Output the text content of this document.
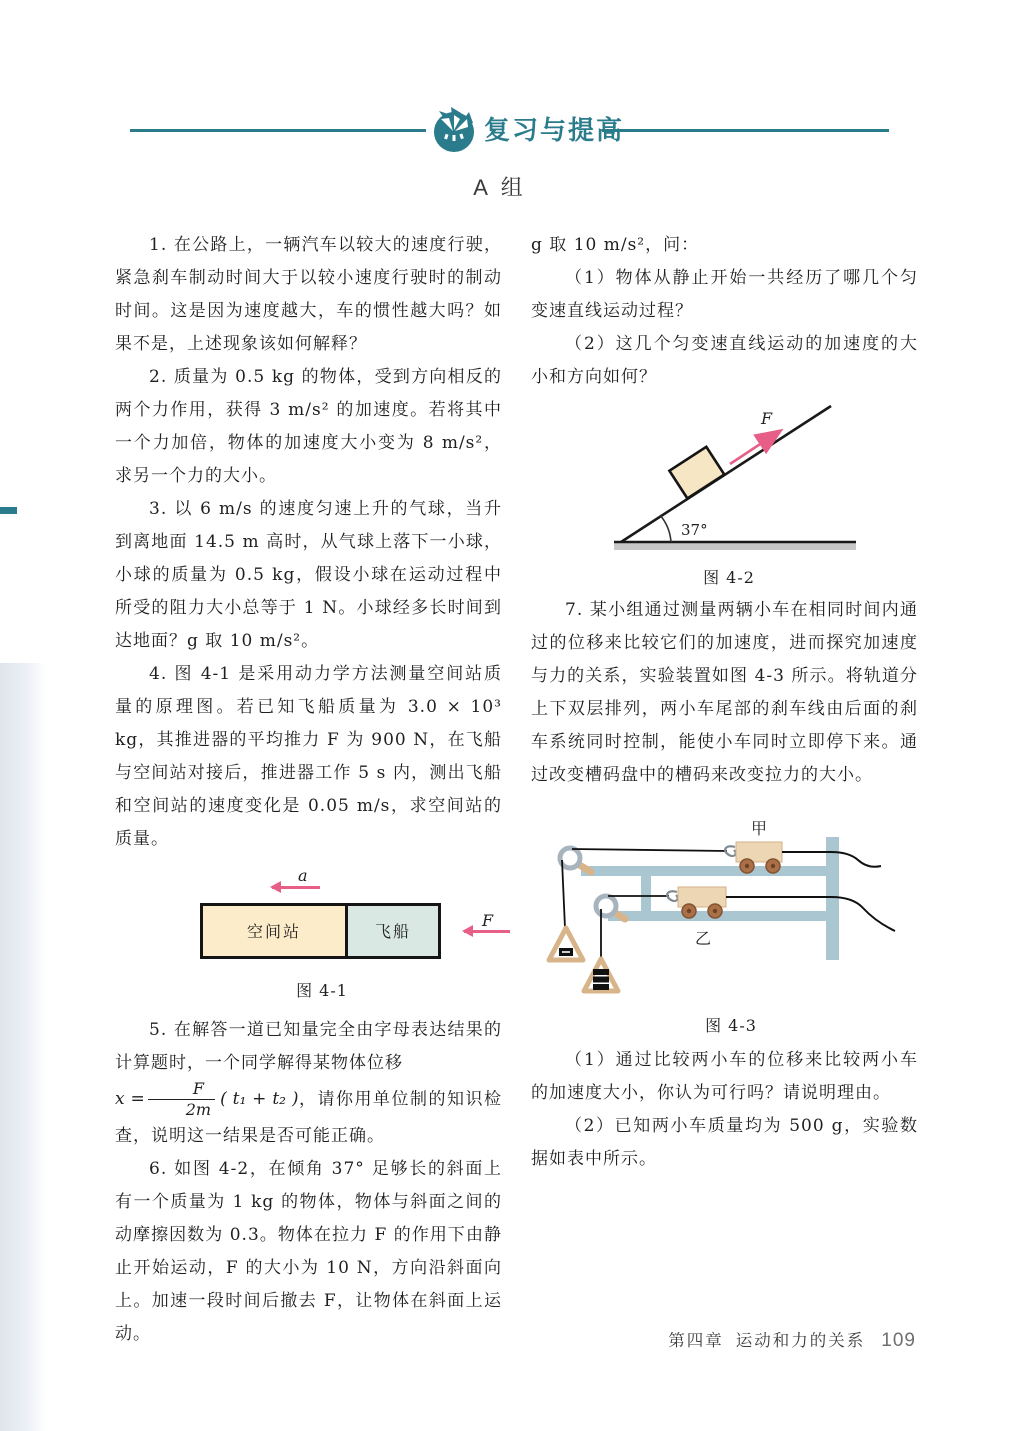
复习与提高
A 组

1. 在公路上，一辆汽车以较大的速度行驶，紧急刹车制动时间大于以较小速度行驶时的制动时间。这是因为速度越大，车的惯性越大吗？如果不是，上述现象该如何解释？

2. 质量为 0.5 kg 的物体，受到方向相反的两个力作用，获得 3 m/s² 的加速度。若将其中一个力加倍，物体的加速度大小变为 8 m/s²，求另一个力的大小。

3. 以 6 m/s 的速度匀速上升的气球，当升到离地面 14.5 m 高时，从气球上落下一小球，小球的质量为 0.5 kg，假设小球在运动过程中所受的阻力大小总等于 1 N。小球经多长时间到达地面？g 取 10 m/s²。

4. 图 4-1 是采用动力学方法测量空间站质量的原理图。若已知飞船质量为 3.0 × 10³ kg，其推进器的平均推力 F 为 900 N，在飞船与空间站对接后，推进器工作 5 s 内，测出飞船和空间站的速度变化是 0.05 m/s，求空间站的质量。

a
空间站	飞船
F
图 4-1

5. 在解答一道已知量完全由字母表达结果的计算题时，一个同学解得某物体位移
$x = \frac{F}{2m}$ ( t₁ + t₂ )，请你用单位制的知识检查，说明这一结果是否可能正确。

6. 如图 4-2，在倾角 37° 足够长的斜面上有一个质量为 1 kg 的物体，物体与斜面之间的动摩擦因数为 0.3。物体在拉力 F 的作用下由静止开始运动，F 的大小为 10 N，方向沿斜面向上。加速一段时间后撤去 F，让物体在斜面上运动。

g 取 10 m/s²，问：

（1）物体从静止开始一共经历了哪几个匀变速直线运动过程？

（2）这几个匀变速直线运动的加速度的大小和方向如何？

37°
F
图 4-2

7. 某小组通过测量两辆小车在相同时间内通过的位移来比较它们的加速度，进而探究加速度与力的关系，实验装置如图 4-3 所示。将轨道分上下双层排列，两小车尾部的刹车线由后面的刹车系统同时控制，能使小车同时立即停下来。通过改变槽码盘中的槽码来改变拉力的大小。

甲
乙
图 4-3

（1）通过比较两小车的位移来比较两小车的加速度大小，你认为可行吗？请说明理由。

（2）已知两小车质量均为 500 g，实验数据如表中所示。

第四章 运动和力的关系 109
